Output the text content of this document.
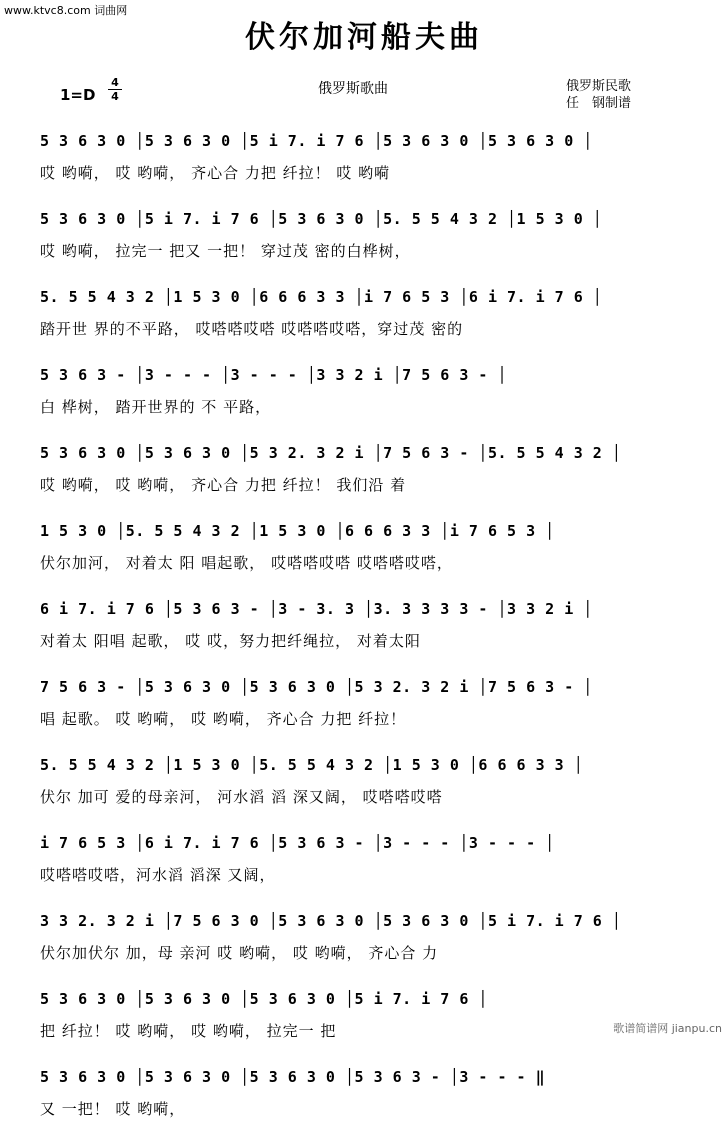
www.ktvc8.com 词曲网
伏尔加河船夫曲
1=D
4
4	俄罗斯歌曲	俄罗斯民歌
任　钢制谱
5 3 6 3 0 │5 3 6 3 0 │5 i 7. i 7 6 │5 3 6 3 0 │5 3 6 3 0 │
哎 哟嗬， 哎 哟嗬， 齐心合 力把 纤拉！ 哎 哟嗬
5 3 6 3 0 │5 i 7. i 7 6 │5 3 6 3 0 │5. 5 5 4 3 2 │1 5 3 0 │
哎 哟嗬， 拉完一 把又 一把！ 穿过茂 密的白桦树，
5. 5 5 4 3 2 │1 5 3 0 │6 6 6 3 3 │i 7 6 5 3 │6 i 7. i 7 6 │
踏开世 界的不平路， 哎嗒嗒哎嗒 哎嗒嗒哎嗒，穿过茂 密的
5 3 6 3 - │3 - - - │3 - - - │3 3 2 i │7 5 6 3 - │
白 桦树， 踏开世界的 不 平路，
5 3 6 3 0 │5 3 6 3 0 │5 3 2. 3 2 i │7 5 6 3 - │5. 5 5 4 3 2 │
哎 哟嗬， 哎 哟嗬， 齐心合 力把 纤拉！ 我们沿 着
1 5 3 0 │5. 5 5 4 3 2 │1 5 3 0 │6 6 6 3 3 │i 7 6 5 3 │
伏尔加河， 对着太 阳 唱起歌， 哎嗒嗒哎嗒 哎嗒嗒哎嗒，
6 i 7. i 7 6 │5 3 6 3 - │3 - 3. 3 │3. 3 3 3 3 - │3 3 2 i │
对着太 阳唱 起歌， 哎 哎，努力把纤绳拉， 对着太阳
7 5 6 3 - │5 3 6 3 0 │5 3 6 3 0 │5 3 2. 3 2 i │7 5 6 3 - │
唱 起歌。 哎 哟嗬， 哎 哟嗬， 齐心合 力把 纤拉！
5. 5 5 4 3 2 │1 5 3 0 │5. 5 5 4 3 2 │1 5 3 0 │6 6 6 3 3 │
伏尔 加可 爱的母亲河， 河水滔 滔 深又阔， 哎嗒嗒哎嗒
i 7 6 5 3 │6 i 7. i 7 6 │5 3 6 3 - │3 - - - │3 - - - │
哎嗒嗒哎嗒，河水滔 滔深 又阔，
3 3 2. 3 2 i │7 5 6 3 0 │5 3 6 3 0 │5 3 6 3 0 │5 i 7. i 7 6 │
伏尔加伏尔 加，母 亲河 哎 哟嗬， 哎 哟嗬， 齐心合 力
5 3 6 3 0 │5 3 6 3 0 │5 3 6 3 0 │5 i 7. i 7 6 │
把 纤拉！ 哎 哟嗬， 哎 哟嗬， 拉完一 把
5 3 6 3 0 │5 3 6 3 0 │5 3 6 3 0 │5 3 6 3 - │3 - - - ‖
又 一把！ 哎 哟嗬，
歌谱简谱网 jianpu.cn
